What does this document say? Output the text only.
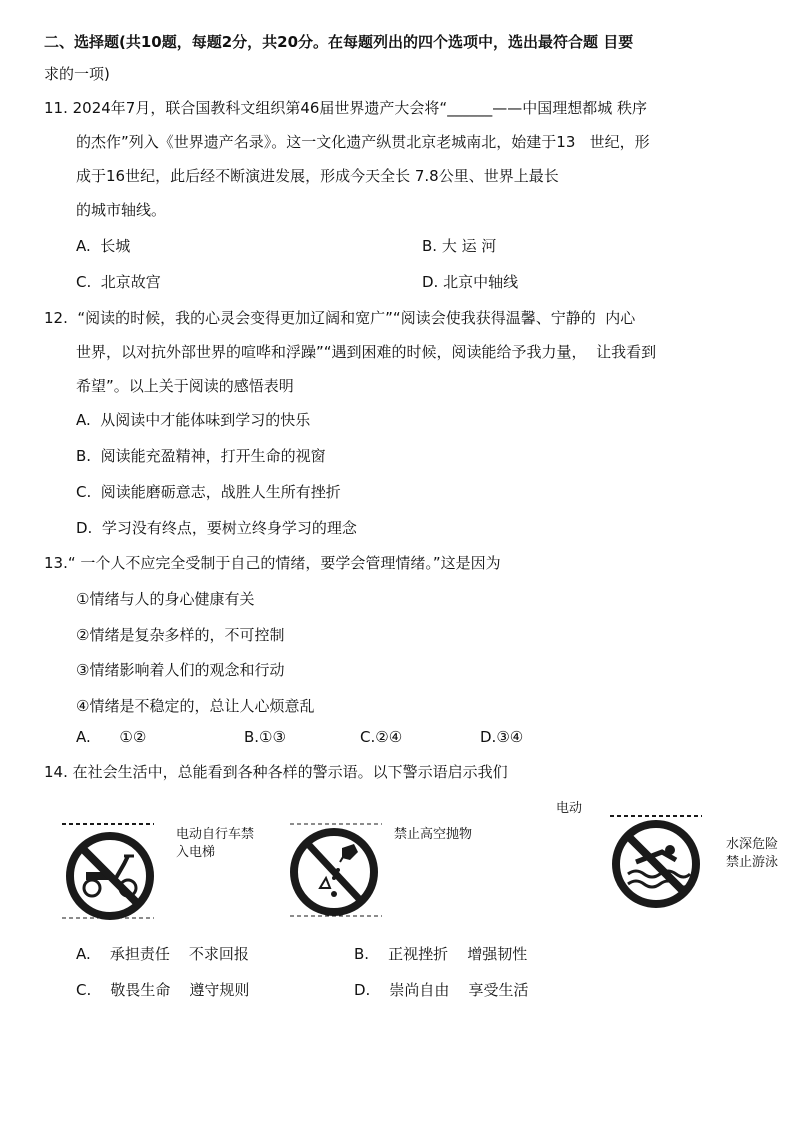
二、选择题(共10题，每题2分，共20分。在每题列出的四个选项中，选出最符合题 目要
求的一项)
11. 2024年7月，联合国教科文组织第46届世界遗产大会将“______——中国理想都城 秩序
的杰作”列入《世界遗产名录》。这一文化遗产纵贯北京老城南北，始建于13   世纪，形
成于16世纪，此后经不断演进发展，形成今天全长 7.8公里、世界上最长
的城市轴线。
A.  长城	B. 大 运 河
C.  北京故宫	D. 北京中轴线
12.  “阅读的时候，我的心灵会变得更加辽阔和宽广”“阅读会使我获得温馨、宁静的  内心
世界，以对抗外部世界的喧哗和浮躁”“遇到困难的时候，阅读能给予我力量，  让我看到
希望”。以上关于阅读的感悟表明
A.  从阅读中才能体味到学习的快乐
B.  阅读能充盈精神，打开生命的视窗
C.  阅读能磨砺意志，战胜人生所有挫折
D.  学习没有终点，要树立终身学习的理念
13.“ 一个人不应完全受制于自己的情绪，要学会管理情绪。”这是因为
①情绪与人的身心健康有关
②情绪是复杂多样的，不可控制
③情绪影响着人们的观念和行动
④情绪是不稳定的，总让人心烦意乱
A.      ①②	B.①③	C.②④	D.③④
14. 在社会生活中，总能看到各种各样的警示语。以下警示语启示我们
电动
电动自行车禁
入电梯
禁止高空抛物
水深危险
禁止游泳
A.    承担责任    不求回报	B.    正视挫折    增强韧性
C.    敬畏生命    遵守规则	D.    崇尚自由    享受生活
